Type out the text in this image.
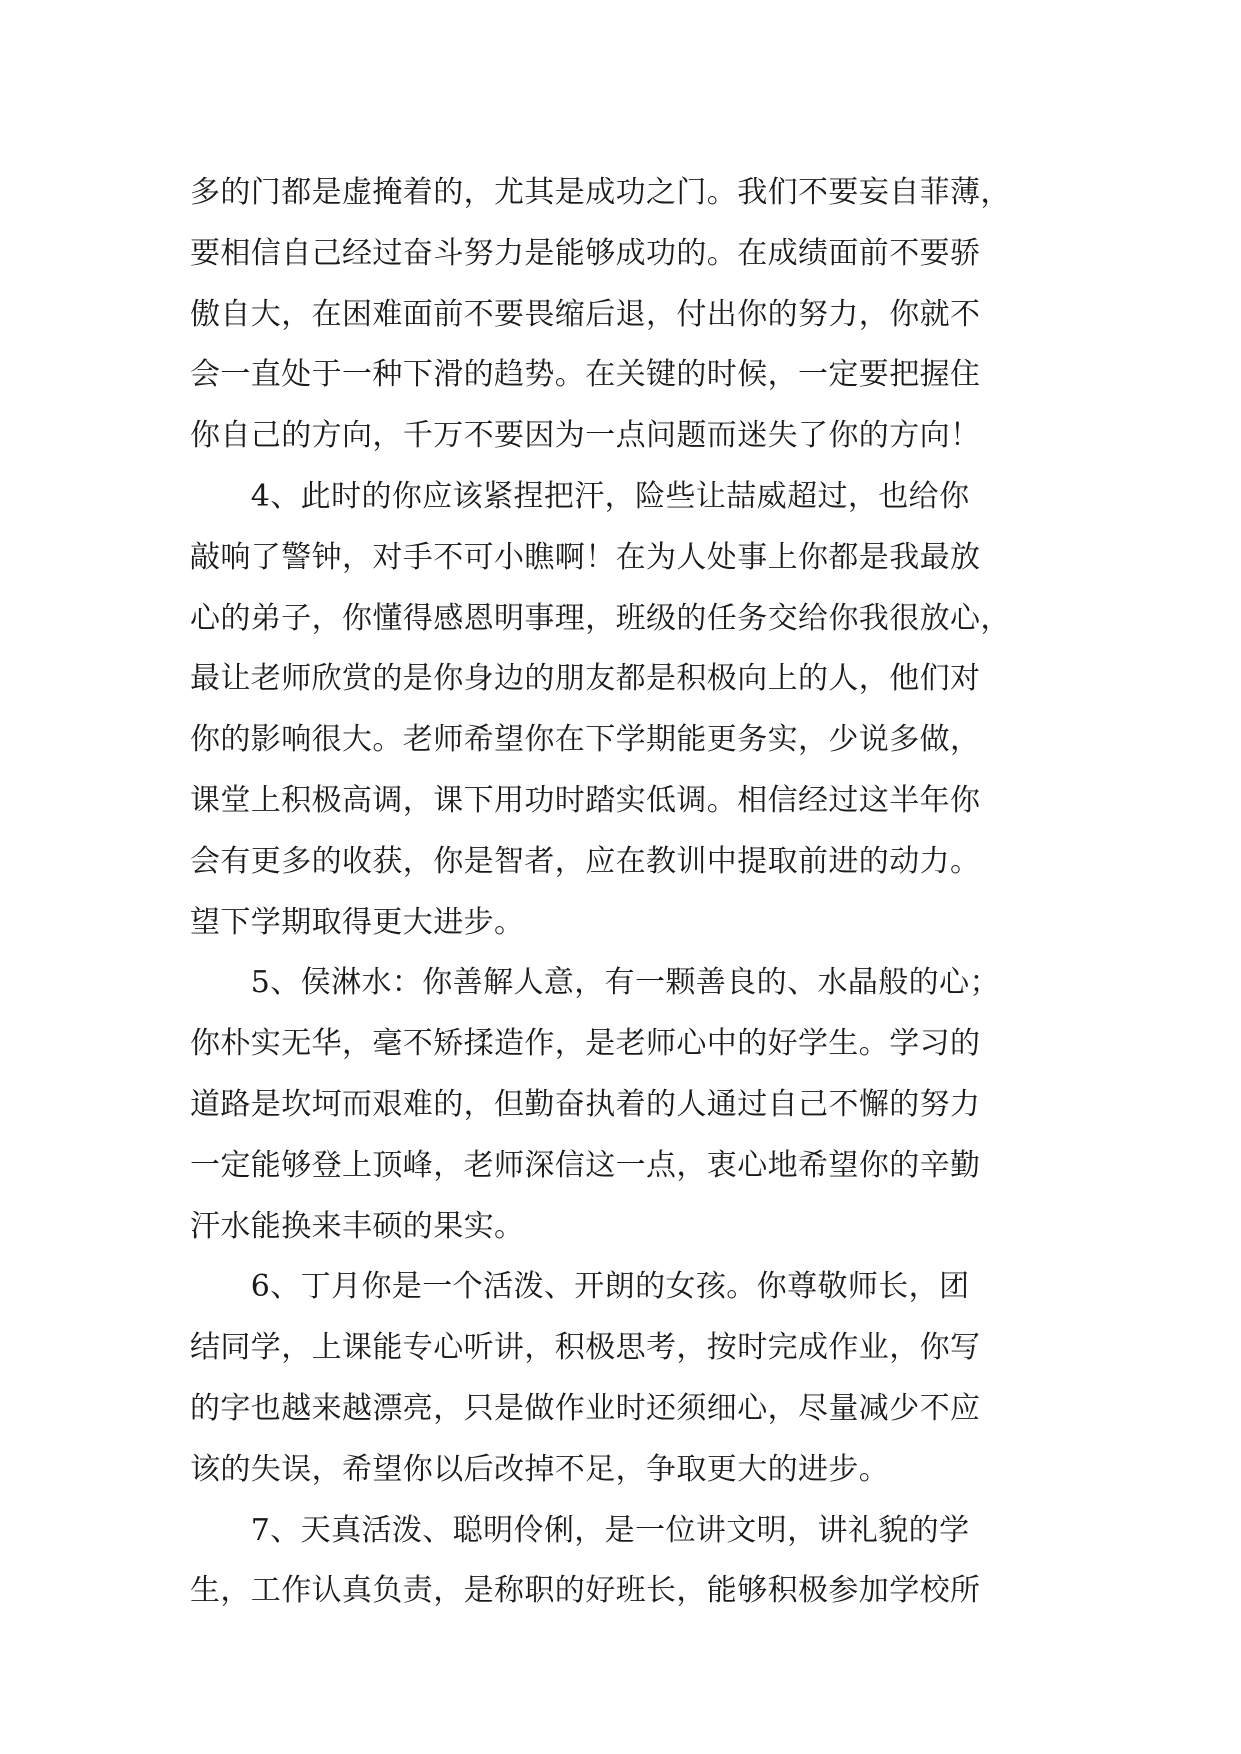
多的门都是虚掩着的，尤其是成功之门。我们不要妄自菲薄，
要相信自己经过奋斗努力是能够成功的。在成绩面前不要骄
傲自大，在困难面前不要畏缩后退，付出你的努力，你就不
会一直处于一种下滑的趋势。在关键的时候，一定要把握住
你自己的方向，千万不要因为一点问题而迷失了你的方向！
　　4、此时的你应该紧捏把汗，险些让喆威超过，也给你
敲响了警钟，对手不可小瞧啊！在为人处事上你都是我最放
心的弟子，你懂得感恩明事理，班级的任务交给你我很放心，
最让老师欣赏的是你身边的朋友都是积极向上的人，他们对
你的影响很大。老师希望你在下学期能更务实，少说多做，
课堂上积极高调，课下用功时踏实低调。相信经过这半年你
会有更多的收获，你是智者，应在教训中提取前进的动力。
望下学期取得更大进步。
　　5、侯淋水：你善解人意，有一颗善良的、水晶般的心；
你朴实无华，毫不矫揉造作，是老师心中的好学生。学习的
道路是坎坷而艰难的，但勤奋执着的人通过自己不懈的努力
一定能够登上顶峰，老师深信这一点，衷心地希望你的辛勤
汗水能换来丰硕的果实。
　　6、丁月你是一个活泼、开朗的女孩。你尊敬师长，团
结同学，上课能专心听讲，积极思考，按时完成作业，你写
的字也越来越漂亮，只是做作业时还须细心，尽量减少不应
该的失误，希望你以后改掉不足，争取更大的进步。
　　7、天真活泼、聪明伶俐，是一位讲文明，讲礼貌的学
生，工作认真负责，是称职的好班长，能够积极参加学校所
